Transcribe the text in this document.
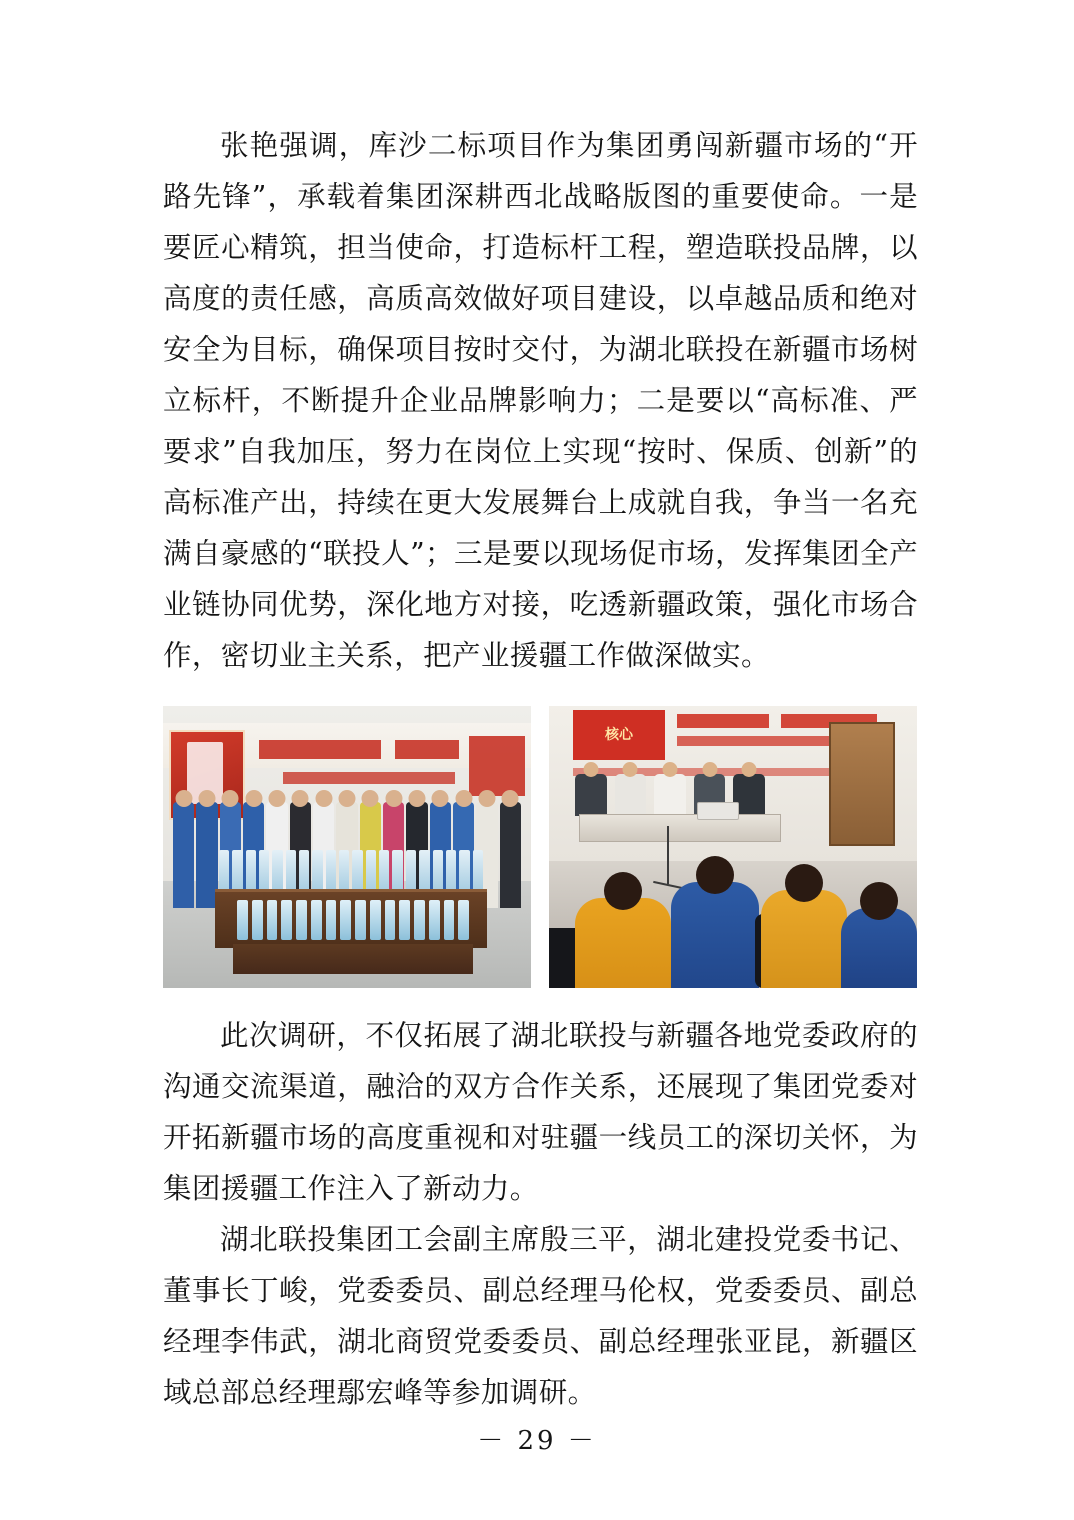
张艳强调，库沙二标项目作为集团勇闯新疆市场的“开路先锋”，承载着集团深耕西北战略版图的重要使命。一是要匠心精筑，担当使命，打造标杆工程，塑造联投品牌，以高度的责任感，高质高效做好项目建设，以卓越品质和绝对安全为目标，确保项目按时交付，为湖北联投在新疆市场树立标杆，不断提升企业品牌影响力；二是要以“高标准、严要求”自我加压，努力在岗位上实现“按时、保质、创新”的高标准产出，持续在更大发展舞台上成就自我，争当一名充满自豪感的“联投人”；三是要以现场促市场，发挥集团全产业链协同优势，深化地方对接，吃透新疆政策，强化市场合作，密切业主关系，把产业援疆工作做深做实。

核心

此次调研，不仅拓展了湖北联投与新疆各地党委政府的沟通交流渠道，融洽的双方合作关系，还展现了集团党委对开拓新疆市场的高度重视和对驻疆一线员工的深切关怀，为集团援疆工作注入了新动力。

湖北联投集团工会副主席殷三平，湖北建投党委书记、董事长丁峻，党委委员、副总经理马伦权，党委委员、副总经理李伟武，湖北商贸党委委员、副总经理张亚昆，新疆区域总部总经理鄢宏峰等参加调研。

－ 29 －
